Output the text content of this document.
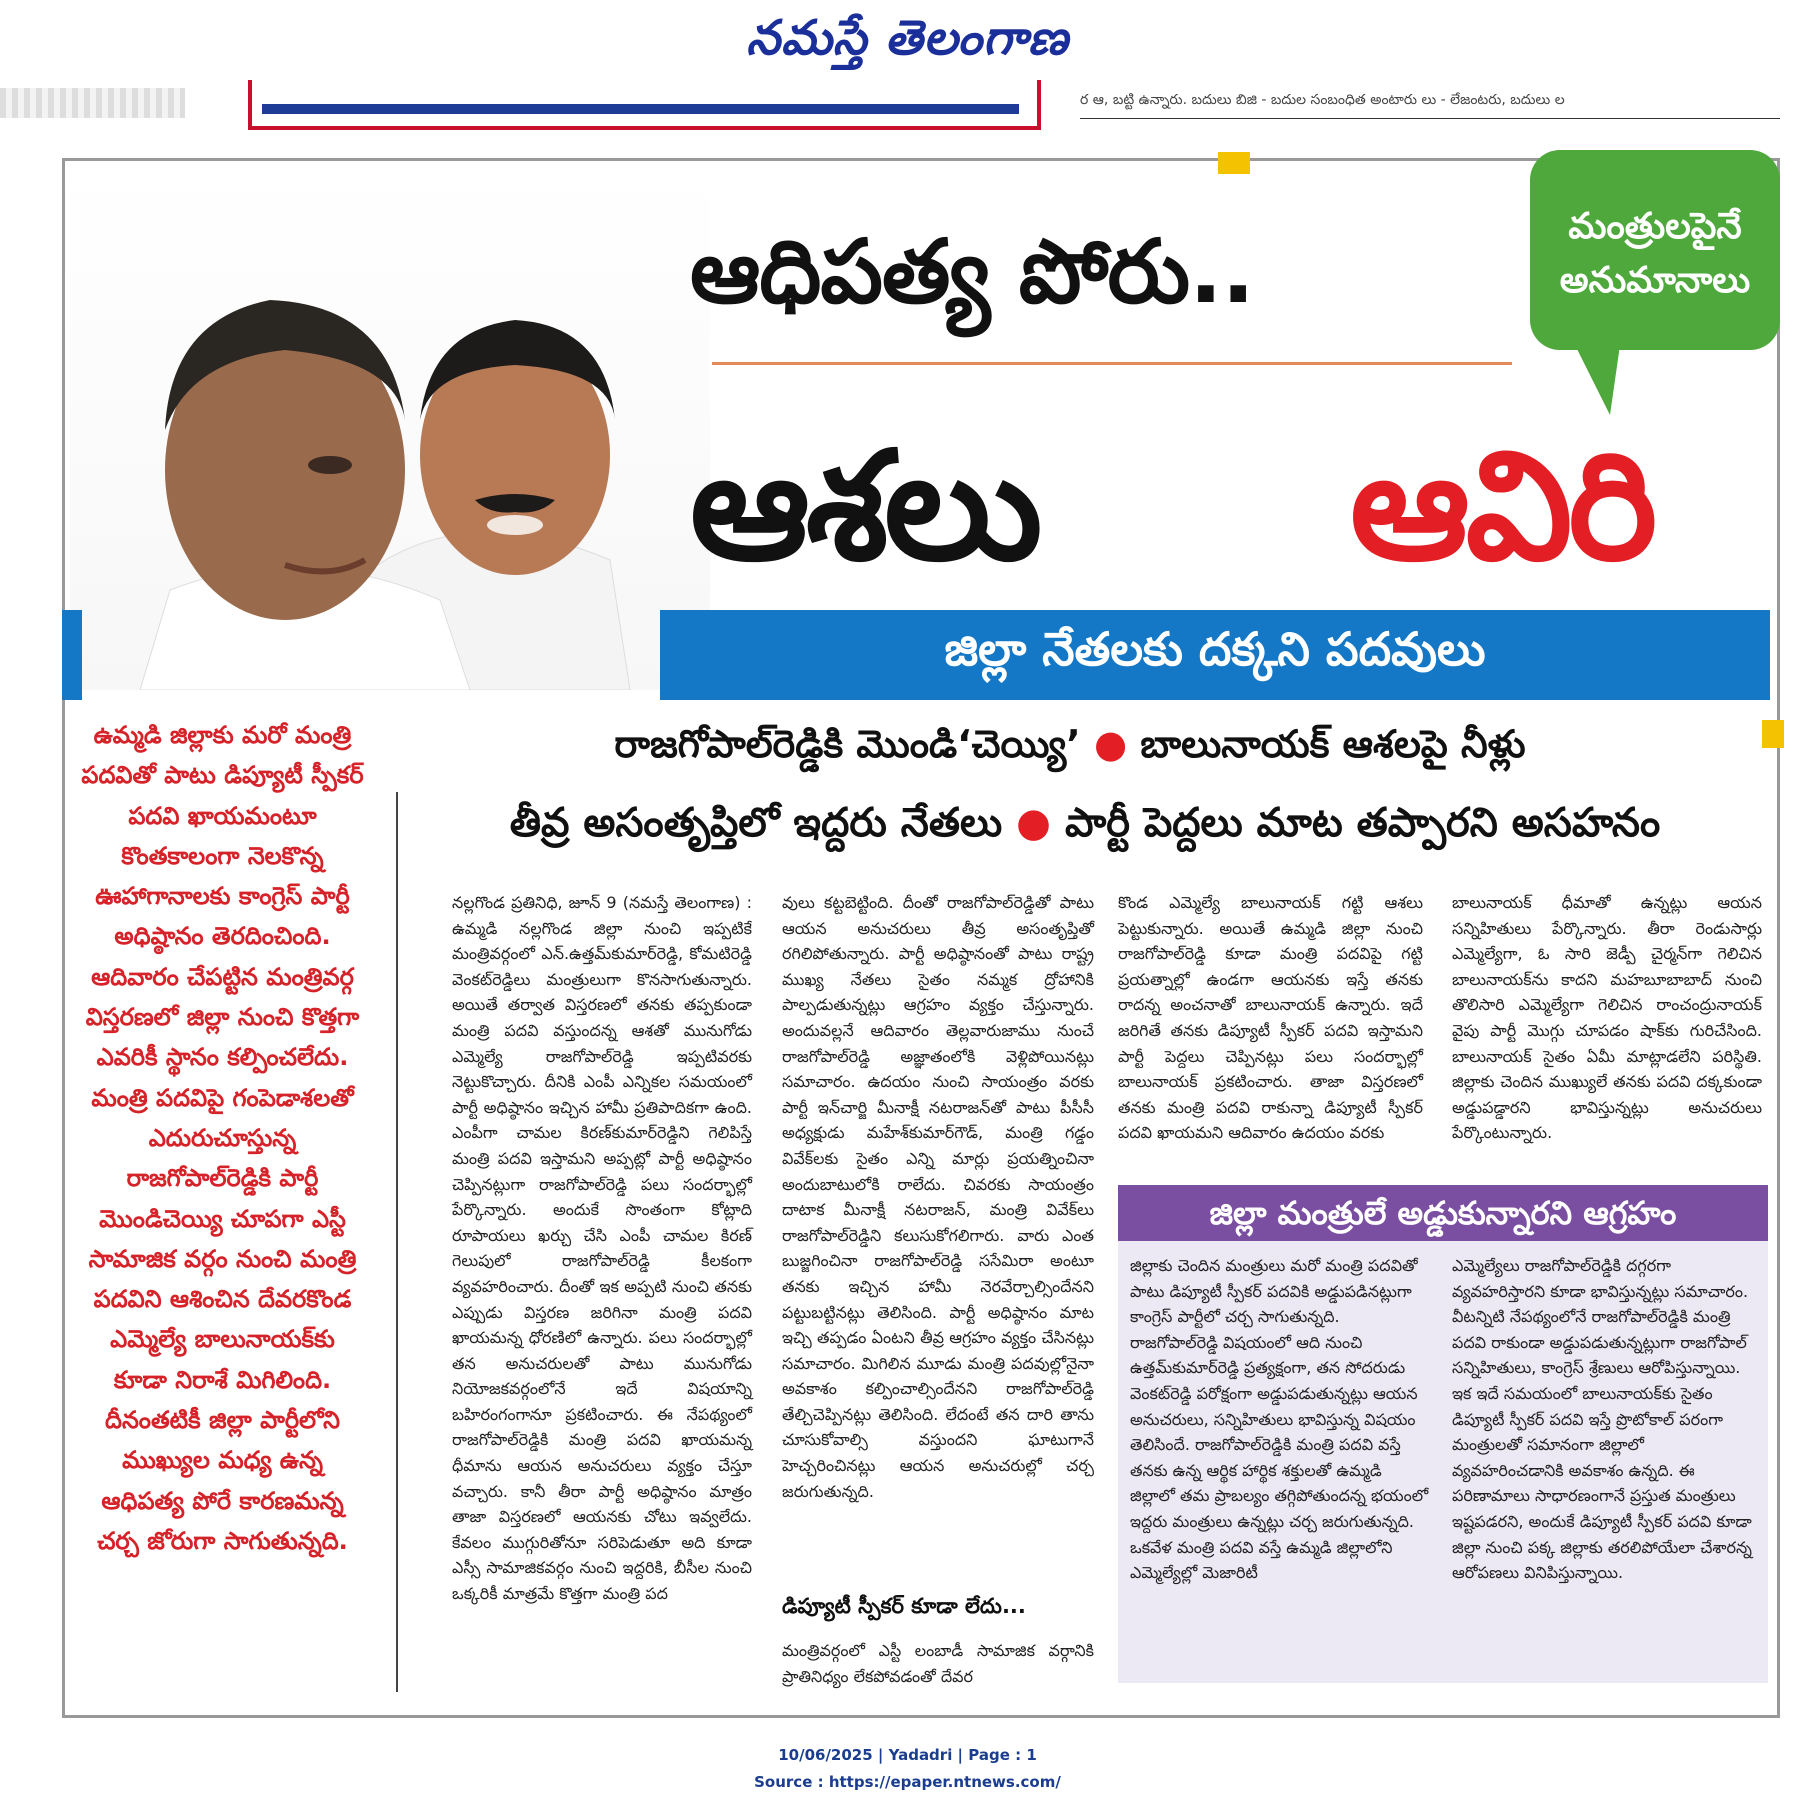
నమస్తే తెలంగాణ
ర ఆ, బట్టి ఉన్నారు. బదులు బిజి - బదుల సంబంధిత అంటారు లు - లేజంటరు, బదులు ల
మంత్రులపైనే
అనుమానాలు
ఆధిపత్య పోరు..
ఆశలు ఆవిరి
జిల్లా నేతలకు దక్కని పదవులు
రాజగోపాల్‌రెడ్డికి మొండి‘చెయ్యి’ ● బాలునాయక్‌ ఆశలపై నీళ్లు
తీవ్ర అసంతృప్తిలో ఇద్దరు నేతలు ● పార్టీ పెద్దలు మాట తప్పారని అసహనం
ఉమ్మడి జిల్లాకు మరో మంత్రి పదవితో పాటు డిప్యూటీ స్పీకర్‌ పదవి ఖాయమంటూ కొంతకాలంగా నెలకొన్న ఊహాగానాలకు కాంగ్రెస్‌ పార్టీ అధిష్ఠానం తెరదించింది. ఆదివారం చేపట్టిన మంత్రివర్గ విస్తరణలో జిల్లా నుంచి కొత్తగా ఎవరికీ స్థానం కల్పించలేదు. మంత్రి పదవిపై గంపెడాశలతో ఎదురుచూస్తున్న రాజగోపాల్‌రెడ్డికి పార్టీ మొండిచెయ్యి చూపగా ఎస్టీ సామాజిక వర్గం నుంచి మంత్రి పదవిని ఆశించిన దేవరకొండ ఎమ్మెల్యే బాలునాయక్‌కు కూడా నిరాశే మిగిలింది. దీనంతటికీ జిల్లా పార్టీలోని ముఖ్యుల మధ్య ఉన్న ఆధిపత్య పోరే కారణమన్న చర్చ జోరుగా సాగుతున్నది.
నల్లగొండ ప్రతినిధి, జూన్‌ 9 (నమస్తే తెలంగాణ) : ఉమ్మడి నల్లగొండ జిల్లా నుంచి ఇప్పటికే మంత్రివర్గంలో ఎన్‌.ఉత్తమ్‌కుమార్‌రెడ్డి, కోమటిరెడ్డి వెంకట్‌రెడ్డిలు మంత్రులుగా కొనసాగుతున్నారు. అయితే తర్వాత విస్తరణలో తనకు తప్పకుండా మంత్రి పదవి వస్తుందన్న ఆశతో మునుగోడు ఎమ్మెల్యే రాజగోపాల్‌రెడ్డి ఇప్పటివరకు నెట్టుకొచ్చారు. దీనికి ఎంపీ ఎన్నికల సమయంలో పార్టీ అధిష్ఠానం ఇచ్చిన హామీ ప్రతిపాదికగా ఉంది. ఎంపీగా చామల కిరణ్‌కుమార్‌రెడ్డిని గెలిపిస్తే మంత్రి పదవి ఇస్తామని అప్పట్లో పార్టీ అధిష్ఠానం చెప్పినట్లుగా రాజగోపాల్‌రెడ్డి పలు సందర్భాల్లో పేర్కొన్నారు. అందుకే సొంతంగా కోట్లాది రూపాయలు ఖర్చు చేసి ఎంపీ చామల కిరణ్‌ గెలుపులో రాజగోపాల్‌రెడ్డి కీలకంగా వ్యవహరించారు. దీంతో ఇక అప్పటి నుంచి తనకు ఎప్పుడు విస్తరణ జరిగినా మంత్రి పదవి ఖాయమన్న ధోరణిలో ఉన్నారు. పలు సందర్భాల్లో తన అనుచరులతో పాటు మునుగోడు నియోజకవర్గంలోనే ఇదే విషయాన్ని బహిరంగంగానూ ప్రకటించారు. ఈ నేపథ్యంలో రాజగోపాల్‌రెడ్డికి మంత్రి పదవి ఖాయమన్న ధీమాను ఆయన అనుచరులు వ్యక్తం చేస్తూ వచ్చారు. కానీ తీరా పార్టీ అధిష్ఠానం మాత్రం తాజా విస్తరణలో ఆయనకు చోటు ఇవ్వలేదు. కేవలం ముగ్గురితోనూ సరిపెడుతూ అది కూడా ఎస్సీ సామాజికవర్గం నుంచి ఇద్దరికి, బీసీల నుంచి ఒక్కరికీ మాత్రమే కొత్తగా మంత్రి పద
వులు కట్టబెట్టింది. దీంతో రాజగోపాల్‌రెడ్డితో పాటు ఆయన అనుచరులు తీవ్ర అసంతృప్తితో రగిలిపోతున్నారు. పార్టీ అధిష్ఠానంతో పాటు రాష్ట్ర ముఖ్య నేతలు సైతం నమ్మక ద్రోహానికి పాల్పడుతున్నట్లు ఆగ్రహం వ్యక్తం చేస్తున్నారు. అందువల్లనే ఆదివారం తెల్లవారుజాము నుంచే రాజగోపాల్‌రెడ్డి అజ్ఞాతంలోకి వెళ్లిపోయినట్లు సమాచారం. ఉదయం నుంచి సాయంత్రం వరకు పార్టీ ఇన్‌చార్జి మీనాక్షీ నటరాజన్‌తో పాటు పీసీసీ అధ్యక్షుడు మహేశ్‌కుమార్‌గౌడ్‌, మంత్రి గడ్డం వివేక్‌లకు సైతం ఎన్ని మార్లు ప్రయత్నించినా అందుబాటులోకి రాలేదు. చివరకు సాయంత్రం దాటాక మీనాక్షీ నటరాజన్‌, మంత్రి వివేక్‌లు రాజగోపాల్‌రెడ్డిని కలుసుకోగలిగారు. వారు ఎంత బుజ్జగించినా రాజగోపాల్‌రెడ్డి ససేమిరా అంటూ తనకు ఇచ్చిన హామీ నెరవేర్చాల్సిందేనని పట్టుబట్టినట్లు తెలిసింది. పార్టీ అధిష్ఠానం మాట ఇచ్చి తప్పడం ఏంటని తీవ్ర ఆగ్రహం వ్యక్తం చేసినట్లు సమాచారం. మిగిలిన మూడు మంత్రి పదవుల్లోనైనా అవకాశం కల్పించాల్సిందేనని రాజగోపాల్‌రెడ్డి తేల్చిచెప్పినట్లు తెలిసింది. లేదంటే తన దారి తాను చూసుకోవాల్సి వస్తుందని ఘాటుగానే హెచ్చరించినట్లు ఆయన అనుచరుల్లో చర్చ జరుగుతున్నది.
డిప్యూటీ స్పీకర్‌ కూడా లేదు...
మంత్రివర్గంలో ఎస్టీ లంబాడీ సామాజిక వర్గానికి ప్రాతినిధ్యం లేకపోవడంతో దేవర
కొండ ఎమ్మెల్యే బాలునాయక్‌ గట్టి ఆశలు పెట్టుకున్నారు. అయితే ఉమ్మడి జిల్లా నుంచి రాజగోపాల్‌రెడ్డి కూడా మంత్రి పదవిపై గట్టి ప్రయత్నాల్లో ఉండగా ఆయనకు ఇస్తే తనకు రాదన్న అంచనాతో బాలునాయక్‌ ఉన్నారు. ఇదే జరిగితే తనకు డిప్యూటీ స్పీకర్‌ పదవి ఇస్తామని పార్టీ పెద్దలు చెప్పినట్లు పలు సందర్భాల్లో బాలునాయక్‌ ప్రకటించారు. తాజా విస్తరణలో తనకు మంత్రి పదవి రాకున్నా డిప్యూటీ స్పీకర్‌ పదవి ఖాయమని ఆదివారం ఉదయం వరకు
బాలునాయక్‌ ధీమాతో ఉన్నట్లు ఆయన సన్నిహితులు పేర్కొన్నారు. తీరా రెండుసార్లు ఎమ్మెల్యేగా, ఓ సారి జెడ్పీ చైర్మన్‌గా గెలిచిన బాలునాయక్‌ను కాదని మహబూబాబాద్‌ నుంచి తొలిసారి ఎమ్మెల్యేగా గెలిచిన రాంచంద్రునాయక్‌ వైపు పార్టీ మొగ్గు చూపడం షాక్‌కు గురిచేసింది. బాలునాయక్‌ సైతం ఏమీ మాట్లాడలేని పరిస్థితి. జిల్లాకు చెందిన ముఖ్యులే తనకు పదవి దక్కకుండా అడ్డుపడ్డారని భావిస్తున్నట్లు అనుచరులు పేర్కొంటున్నారు.
జిల్లా మంత్రులే అడ్డుకున్నారని ఆగ్రహం
జిల్లాకు చెందిన మంత్రులు మరో మంత్రి పదవితో పాటు డిప్యూటీ స్పీకర్‌ పదవికి అడ్డుపడినట్లుగా కాంగ్రెస్‌ పార్టీలో చర్చ సాగుతున్నది. రాజగోపాల్‌రెడ్డి విషయంలో ఆది నుంచి ఉత్తమ్‌కుమార్‌రెడ్డి ప్రత్యక్షంగా, తన సోదరుడు వెంకట్‌రెడ్డి పరోక్షంగా అడ్డుపడుతున్నట్లు ఆయన అనుచరులు, సన్నిహితులు భావిస్తున్న విషయం తెలిసిందే. రాజగోపాల్‌రెడ్డికి మంత్రి పదవి వస్తే తనకు ఉన్న ఆర్థిక హార్థిక శక్తులతో ఉమ్మడి జిల్లాలో తమ ప్రాబల్యం తగ్గిపోతుందన్న భయంలో ఇద్దరు మంత్రులు ఉన్నట్లు చర్చ జరుగుతున్నది. ఒకవేళ మంత్రి పదవి వస్తే ఉమ్మడి జిల్లాలోని ఎమ్మెల్యేల్లో మెజారిటీ
ఎమ్మెల్యేలు రాజగోపాల్‌రెడ్డికి దగ్గరగా వ్యవహరిస్తారని కూడా భావిస్తున్నట్లు సమాచారం. వీటన్నిటి నేపథ్యంలోనే రాజగోపాల్‌రెడ్డికి మంత్రి పదవి రాకుండా అడ్డుపడుతున్నట్లుగా రాజగోపాల్‌ సన్నిహితులు, కాంగ్రెస్‌ శ్రేణులు ఆరోపిస్తున్నాయి. ఇక ఇదే సమయంలో బాలునాయక్‌కు సైతం డిప్యూటీ స్పీకర్‌ పదవి ఇస్తే ప్రొటోకాల్‌ పరంగా మంత్రులతో సమానంగా జిల్లాలో వ్యవహరించడానికి అవకాశం ఉన్నది. ఈ పరిణామాలు సాధారణంగానే ప్రస్తుత మంత్రులు ఇష్టపడరని, అందుకే డిప్యూటీ స్పీకర్‌ పదవి కూడా జిల్లా నుంచి పక్క జిల్లాకు తరలిపోయేలా చేశారన్న ఆరోపణలు వినిపిస్తున్నాయి.
10/06/2025 | Yadadri | Page : 1
Source : https://epaper.ntnews.com/
